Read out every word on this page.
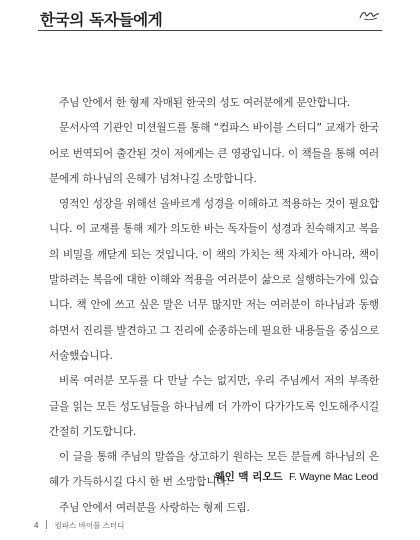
한국의 독자들에게

주님 안에서 한 형제 자매된 한국의 성도 여러분에게 문안합니다.

문서사역 기관인 미션월드를 통해 “컴파스 바이블 스터디” 교재가 한국어로 번역되어 출간된 것이 저에게는 큰 영광입니다. 이 책들을 통해 여러분에게 하나님의 은혜가 넘쳐나길 소망합니다.

영적인 성장을 위해선 올바르게 성경을 이해하고 적용하는 것이 필요합니다. 이 교재를 통해 제가 의도한 바는 독자들이 성경과 친숙해지고 복음의 비밀을 깨닫게 되는 것입니다. 이 책의 가치는 책 자체가 아니라, 책이 말하려는 복음에 대한 이해와 적용을 여러분이 삶으로 실행하는가에 있습니다. 책 안에 쓰고 싶은 말은 너무 많지만 저는 여러분이 하나님과 동행하면서 진리를 발견하고 그 진리에 순종하는데 필요한 내용들을 중심으로 서술했습니다.

비록 여러분 모두를 다 만날 수는 없지만, 우리 주님께서 저의 부족한 글을 읽는 모든 성도님들을 하나님께 더 가까이 다가가도록 인도해주시길 간절히 기도합니다.

이 글을 통해 주님의 말씀을 상고하기 원하는 모든 분들께 하나님의 은혜가 가득하시길 다시 한 번 소망합니다.

주님 안에서 여러분을 사랑하는 형제 드림.

웨인 맥 리오드 F. Wayne Mac Leod
4 컴파스 바이블 스터디
